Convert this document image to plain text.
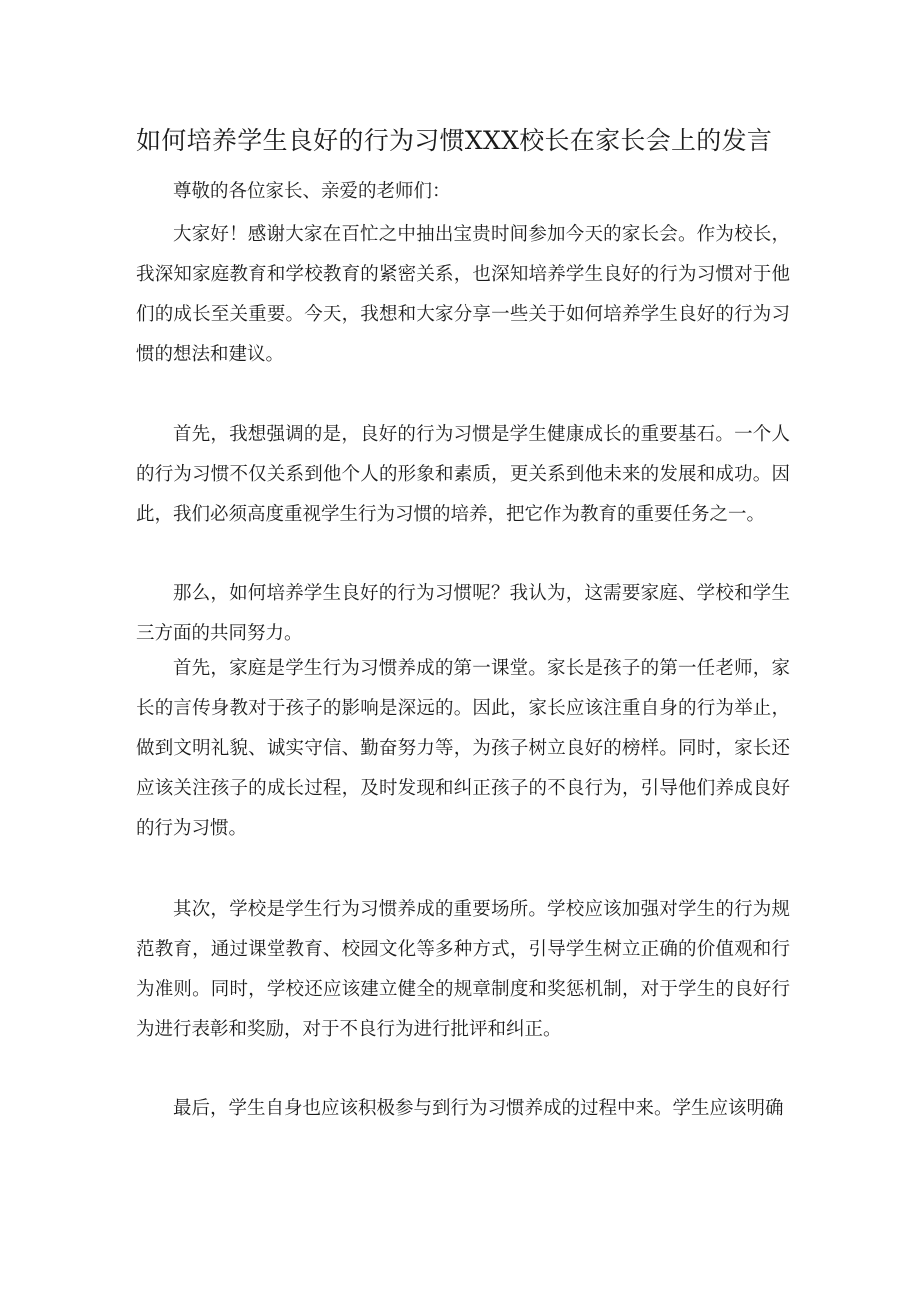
如何培养学生良好的行为习惯XXX校长在家长会上的发言

尊敬的各位家长、亲爱的老师们：

大家好！感谢大家在百忙之中抽出宝贵时间参加今天的家长会。作为校长，我深知家庭教育和学校教育的紧密关系，也深知培养学生良好的行为习惯对于他们的成长至关重要。今天，我想和大家分享一些关于如何培养学生良好的行为习惯的想法和建议。

首先，我想强调的是，良好的行为习惯是学生健康成长的重要基石。一个人的行为习惯不仅关系到他个人的形象和素质，更关系到他未来的发展和成功。因此，我们必须高度重视学生行为习惯的培养，把它作为教育的重要任务之一。

那么，如何培养学生良好的行为习惯呢？我认为，这需要家庭、学校和学生三方面的共同努力。

首先，家庭是学生行为习惯养成的第一课堂。家长是孩子的第一任老师，家长的言传身教对于孩子的影响是深远的。因此，家长应该注重自身的行为举止，做到文明礼貌、诚实守信、勤奋努力等，为孩子树立良好的榜样。同时，家长还应该关注孩子的成长过程，及时发现和纠正孩子的不良行为，引导他们养成良好的行为习惯。

其次，学校是学生行为习惯养成的重要场所。学校应该加强对学生的行为规范教育，通过课堂教育、校园文化等多种方式，引导学生树立正确的价值观和行为准则。同时，学校还应该建立健全的规章制度和奖惩机制，对于学生的良好行为进行表彰和奖励，对于不良行为进行批评和纠正。

最后，学生自身也应该积极参与到行为习惯养成的过程中来。学生应该明确
